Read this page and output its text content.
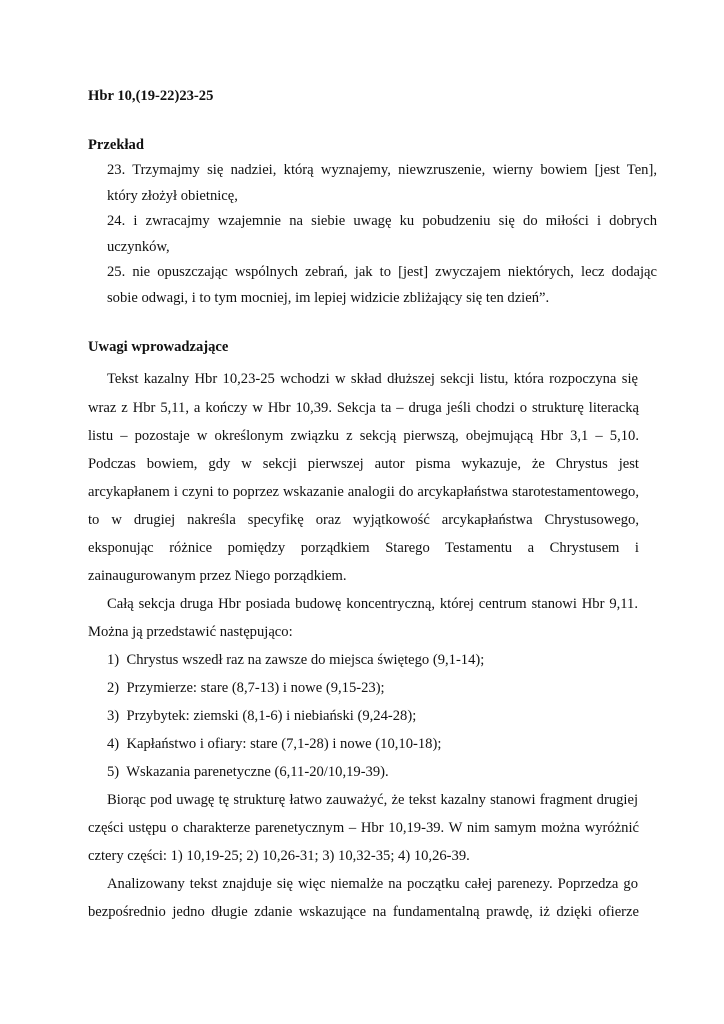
Hbr 10,(19-22)23-25

Przekład

23. Trzymajmy się nadziei, którą wyznajemy, niewzruszenie, wierny bowiem [jest Ten],

który złożył obietnicę,

24. i zwracajmy wzajemnie na siebie uwagę ku pobudzeniu się do miłości i dobrych

uczynków,

25. nie opuszczając wspólnych zebrań, jak to [jest] zwyczajem niektórych, lecz dodając

sobie odwagi, i to tym mocniej, im lepiej widzicie zbliżający się ten dzień”.

Uwagi wprowadzające

Tekst kazalny Hbr 10,23-25 wchodzi w skład dłuższej sekcji listu, która rozpoczyna się

wraz z Hbr 5,11, a kończy w Hbr 10,39. Sekcja ta – druga jeśli chodzi o strukturę literacką

listu – pozostaje w określonym związku z sekcją pierwszą, obejmującą Hbr 3,1 – 5,10.

Podczas bowiem, gdy w sekcji pierwszej autor pisma wykazuje, że Chrystus jest

arcykapłanem i czyni to poprzez wskazanie analogii do arcykapłaństwa starotestamentowego,

to w drugiej nakreśla specyfikę oraz wyjątkowość arcykapłaństwa Chrystusowego,

eksponując różnice pomiędzy porządkiem Starego Testamentu a Chrystusem i

zainaugurowanym przez Niego porządkiem.

Całą sekcja druga Hbr posiada budowę koncentryczną, której centrum stanowi Hbr 9,11.

Można ją przedstawić następująco:

1) Chrystus wszedł raz na zawsze do miejsca świętego (9,1-14);

2) Przymierze: stare (8,7-13) i nowe (9,15-23);

3) Przybytek: ziemski (8,1-6) i niebiański (9,24-28);

4) Kapłaństwo i ofiary: stare (7,1-28) i nowe (10,10-18);

5) Wskazania parenetyczne (6,11-20/10,19-39).

Biorąc pod uwagę tę strukturę łatwo zauważyć, że tekst kazalny stanowi fragment drugiej

części ustępu o charakterze parenetycznym – Hbr 10,19-39. W nim samym można wyróżnić

cztery części: 1) 10,19-25; 2) 10,26-31; 3) 10,32-35; 4) 10,26-39.

Analizowany tekst znajduje się więc niemalże na początku całej parenezy. Poprzedza go

bezpośrednio jedno długie zdanie wskazujące na fundamentalną prawdę, iż dzięki ofierze
